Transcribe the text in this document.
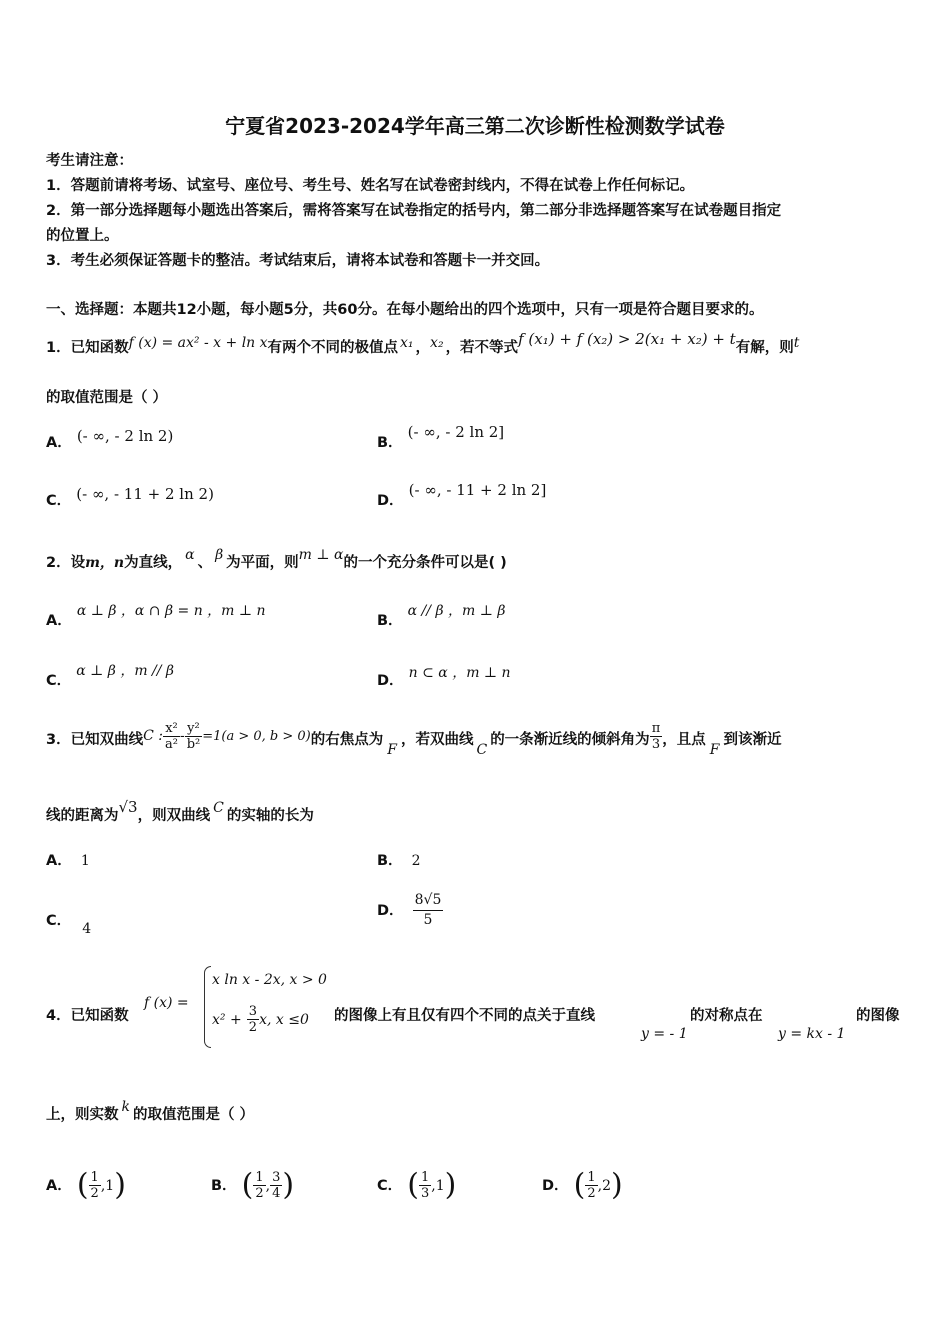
宁夏省2023-2024学年高三第二次诊断性检测数学试卷
考生请注意：
1．答题前请将考场、试室号、座位号、考生号、姓名写在试卷密封线内，不得在试卷上作任何标记。
2．第一部分选择题每小题选出答案后，需将答案写在试卷指定的括号内，第二部分非选择题答案写在试卷题目指定
的位置上。
3．考生必须保证答题卡的整洁。考试结束后，请将本试卷和答题卡一并交回。
一、选择题：本题共12小题，每小题5分，共60分。在每小题给出的四个选项中，只有一项是符合题目要求的。
1．已知函数f (x) = ax² - x + ln x有两个不同的极值点 x₁ ，x₂ ，若不等式f (x₁) + f (x₂) > 2(x₁ + x₂) + t有解，则t
的取值范围是（ ）
A． (- ∞, - 2 ln 2)	B． (- ∞, - 2 ln 2]
C． (- ∞, - 11 + 2 ln 2)	D． (- ∞, - 11 + 2 ln 2]
2．设m，n为直线， α 、 β 为平面，则m ⊥ α的一个充分条件可以是( )
A． α ⊥ β ，α ∩ β = n ，m ⊥ n
B． α // β ，m ⊥ β
C． α ⊥ β ，m // β
D． n ⊂ α ，m ⊥ n
3．已知双曲线C : $\frac{\text{x²}}{\text{a²}} - \frac{\text{y²}}{\text{b²}} =1(a > 0$, b > 0)的右焦点为F，若双曲线C的一条渐近线的倾斜角为 $\frac{\pi}{3}$ ，且点F到该渐近
线的距离为√3，则双曲线 C 的实轴的长为
A． 1	B． 2
C． 4
D． $\frac{8√5}{5}$
4．已知函数
f (x) =
x ln x - 2x, x > 0
$x^2 + \frac{3}{2} x$, x ≤0 的图像上有且仅有四个不同的点关于直线
y = - 1
的对称点在
y = kx - 1
的图像
上，则实数 k 的取值范围是（ ）
A． ( $\frac{1}{2} ,1$)	B． ( $\frac{1}{2}$ , $\frac{3}{4}$ )	C． ( $\frac{1}{3} ,1$)	D． ( $\frac{1}{2} ,2$)
